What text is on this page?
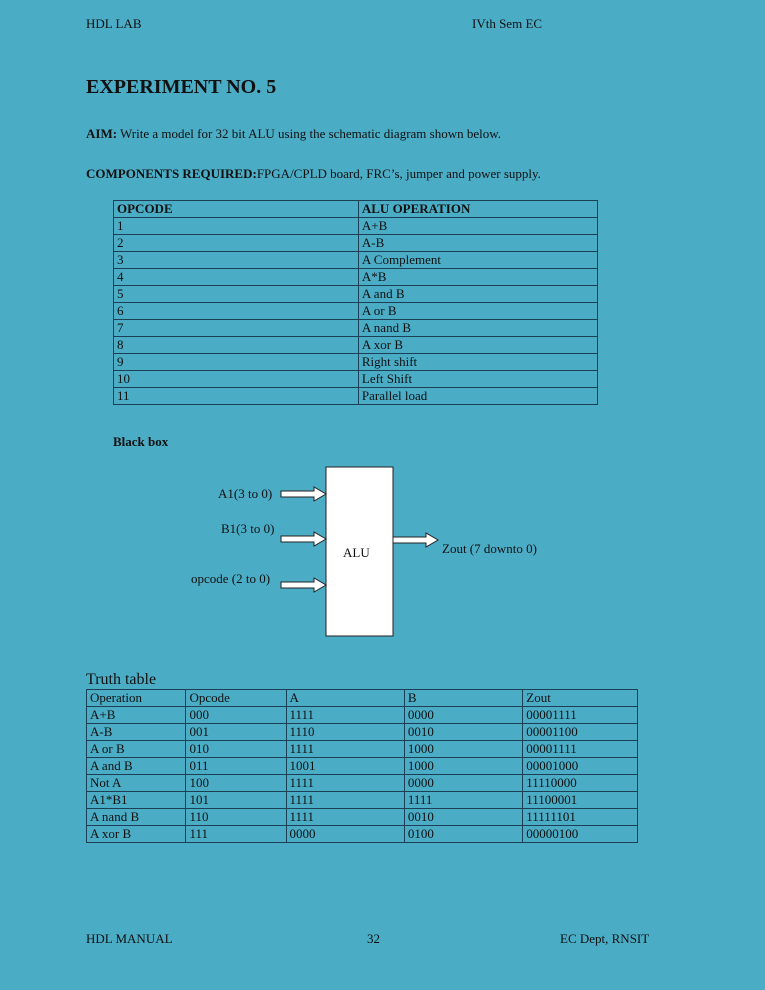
HDL LAB	IVth Sem EC
EXPERIMENT NO. 5
AIM: Write a model for 32 bit ALU using the schematic diagram shown below.
COMPONENTS REQUIRED:FPGA/CPLD board, FRC’s, jumper and power supply.
OPCODE	ALU OPERATION
1	A+B
2	A-B
3	A Complement
4	A*B
5	A and B
6	A or B
7	A nand B
8	A xor B
9	Right shift
10	Left Shift
11	Parallel load
Black box
A1(3 to 0)
B1(3 to 0)
opcode (2 to 0)
ALU	Zout (7 downto 0)
Truth table
Operation	Opcode	A	B	Zout
A+B	000	1111	0000	00001111
A-B	001	1110	0010	00001100
A or B	010	1111	1000	00001111
A and B	011	1001	1000	00001000
Not A	100	1111	0000	11110000
A1*B1	101	1111	1111	11100001
A nand B	110	1111	0010	11111101
A xor B	111	0000	0100	00000100
HDL MANUAL	32	EC Dept, RNSIT
